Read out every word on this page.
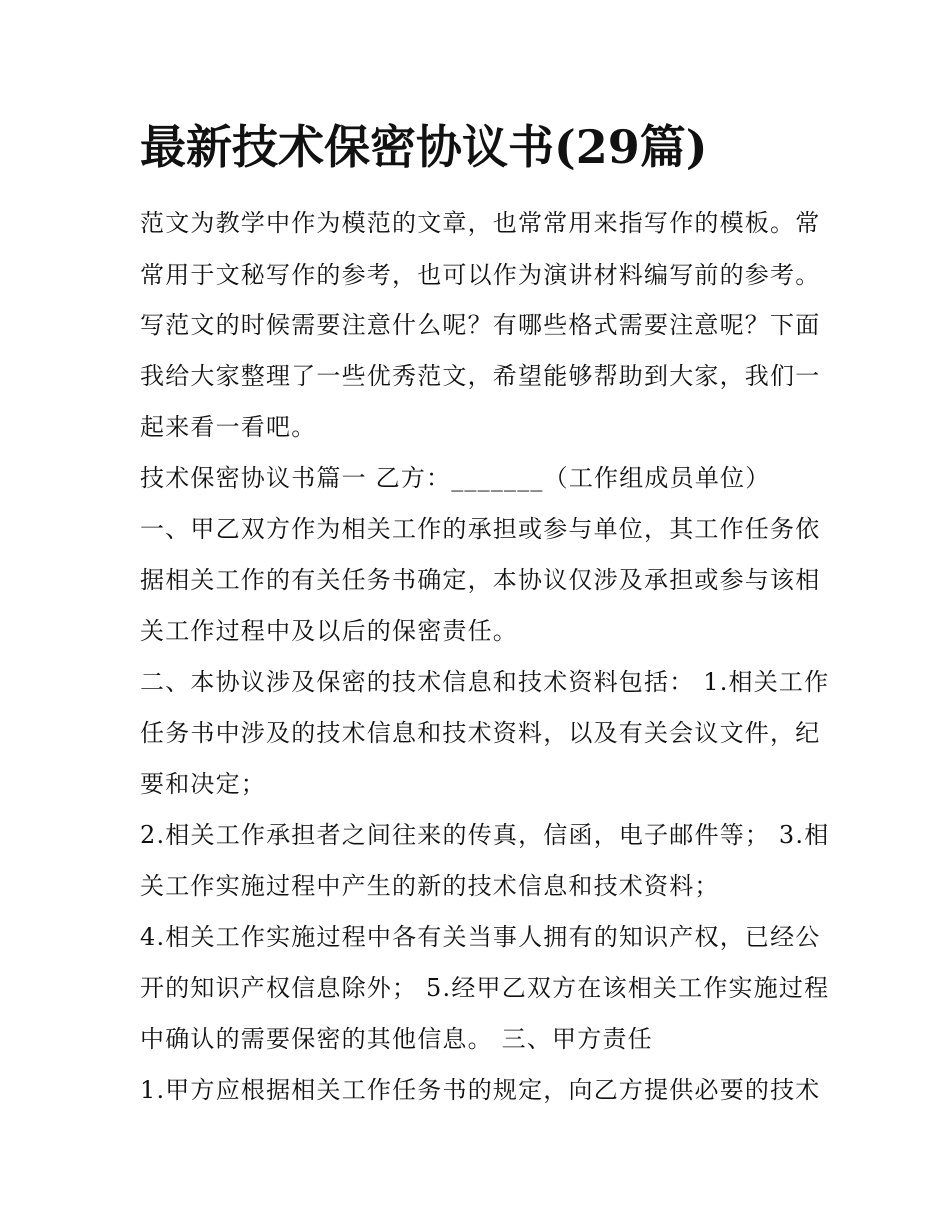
最新技术保密协议书(29篇)
范文为教学中作为模范的文章，也常常用来指写作的模板。常
常用于文秘写作的参考，也可以作为演讲材料编写前的参考。
写范文的时候需要注意什么呢？有哪些格式需要注意呢？下面
我给大家整理了一些优秀范文，希望能够帮助到大家，我们一
起来看一看吧。
技术保密协议书篇一 乙方：_______（工作组成员单位）
一、甲乙双方作为相关工作的承担或参与单位，其工作任务依
据相关工作的有关任务书确定，本协议仅涉及承担或参与该相
关工作过程中及以后的保密责任。
二、本协议涉及保密的技术信息和技术资料包括： 1.相关工作
任务书中涉及的技术信息和技术资料，以及有关会议文件，纪
要和决定；
2.相关工作承担者之间往来的传真，信函，电子邮件等； 3.相
关工作实施过程中产生的新的技术信息和技术资料；
4.相关工作实施过程中各有关当事人拥有的知识产权，已经公
开的知识产权信息除外； 5.经甲乙双方在该相关工作实施过程
中确认的需要保密的其他信息。 三、甲方责任
1.甲方应根据相关工作任务书的规定，向乙方提供必要的技术
